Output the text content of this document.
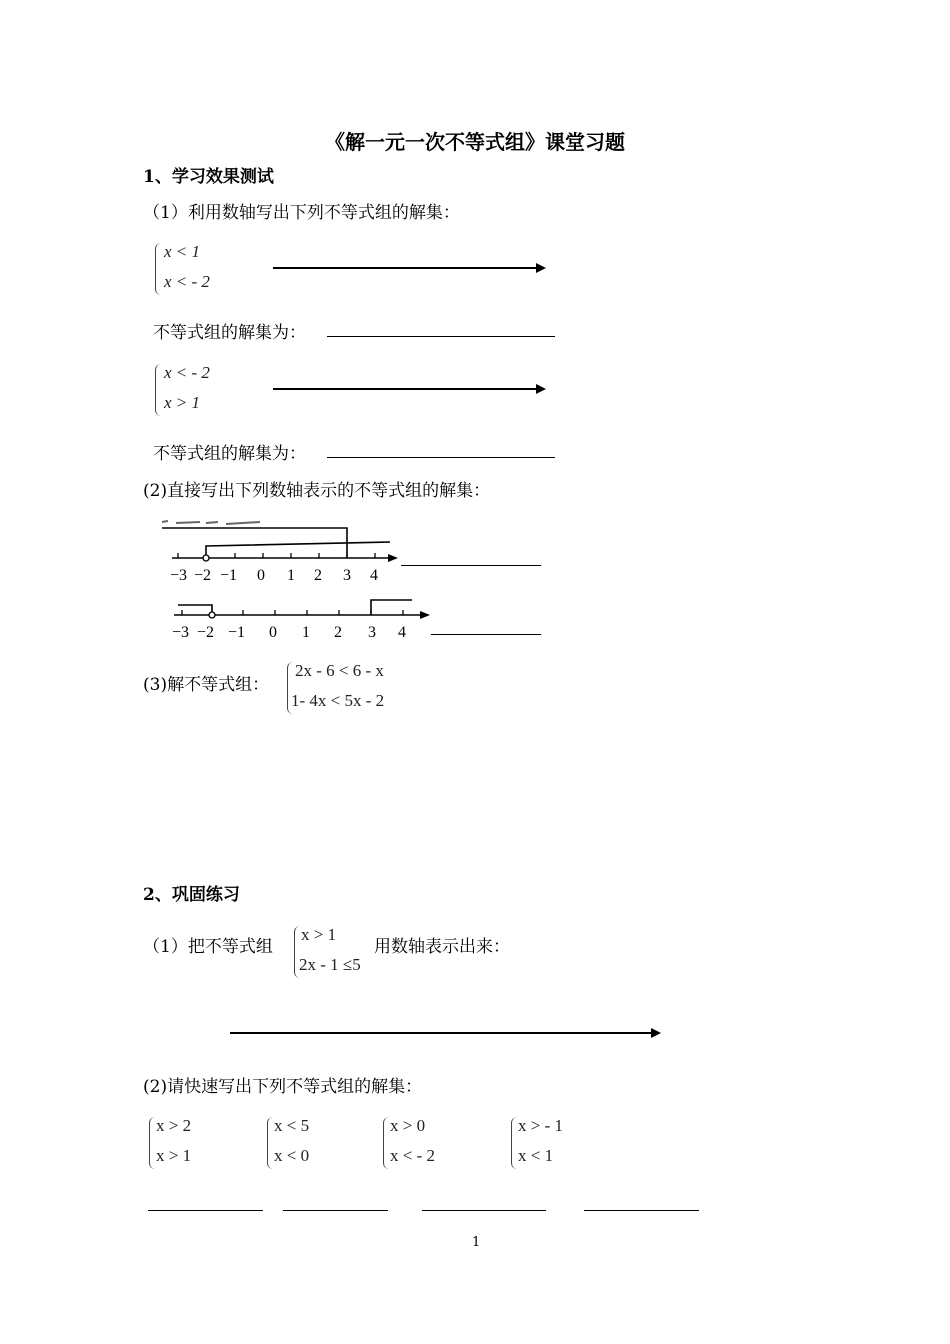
《解一元一次不等式组》课堂习题
1、学习效果测试
（1）利用数轴写出下列不等式组的解集：
x < 1
x < - 2
不等式组的解集为：
x < - 2
x > 1
不等式组的解集为：
(2)直接写出下列数轴表示的不等式组的解集：
−3 −2 −1 0 1 2 3 4
−3 −2 −1 0 1 2 3 4
(3)解不等式组：
2x - 6 < 6 - x
1- 4x < 5x - 2
2、巩固练习
（1）把不等式组
x > 1
2x - 1 ≤5
用数轴表示出来：
(2)请快速写出下列不等式组的解集：
x > 2
x > 1
x < 5
x < 0
x > 0
x < - 2
x > - 1
x < 1
1
